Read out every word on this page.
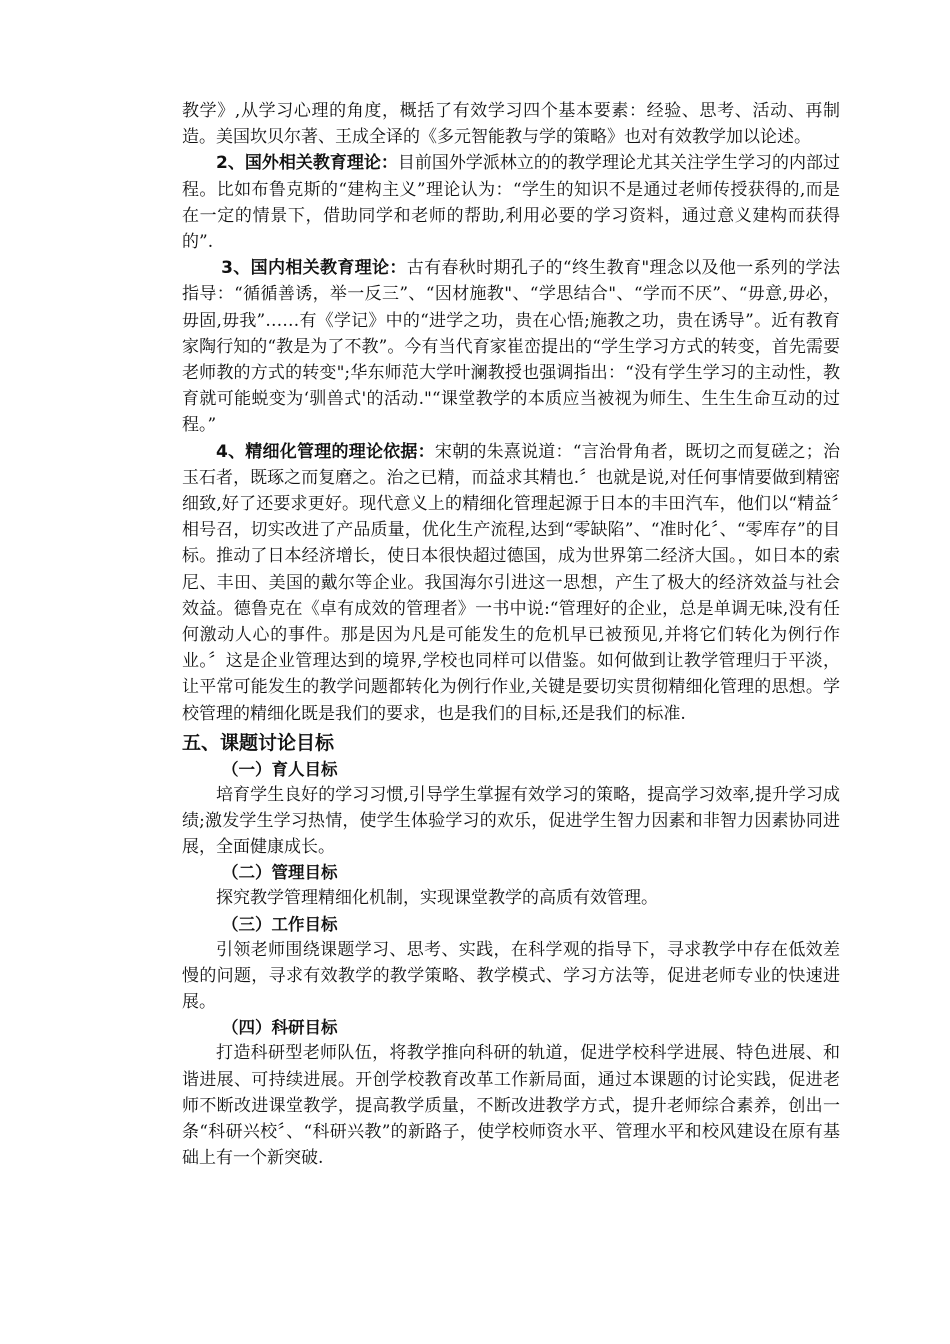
教学》,从学习心理的角度，概括了有效学习四个基本要素：经验、思考、活动、再制造。美国坎贝尔著、王成全译的《多元智能教与学的策略》也对有效教学加以论述。

2、国外相关教育理论：目前国外学派林立的的教学理论尤其关注学生学习的内部过程。比如布鲁克斯的“建构主义”理论认为：“学生的知识不是通过老师传授获得的,而是在一定的情景下，借助同学和老师的帮助,利用必要的学习资料，通过意义建构而获得的”.

3、国内相关教育理论：古有春秋时期孔子的“终生教育"理念以及他一系列的学法指导：“循循善诱，举一反三”、“因材施教"、“学思结合"、“学而不厌”、“毋意,毋必，毋固,毋我”……有《学记》中的“进学之功，贵在心悟;施教之功，贵在诱导”。近有教育家陶行知的“教是为了不教”。今有当代育家崔峦提出的“学生学习方式的转变，首先需要老师教的方式的转变";华东师范大学叶澜教授也强调指出：“没有学生学习的主动性，教育就可能蜕变为‘驯兽式'的活动."“课堂教学的本质应当被视为师生、生生生命互动的过程。”

4、精细化管理的理论依据：宋朝的朱熹说道：“言治骨角者，既切之而复磋之；治玉石者，既琢之而复磨之。治之已精，而益求其精也.〞也就是说,对任何事情要做到精密细致,好了还要求更好。现代意义上的精细化管理起源于日本的丰田汽车，他们以“精益〞相号召，切实改进了产品质量，优化生产流程,达到“零缺陷”、“准时化〞、“零库存”的目标。推动了日本经济增长，使日本很快超过德国，成为世界第二经济大国。，如日本的索尼、丰田、美国的戴尔等企业。我国海尔引进这一思想，产生了极大的经济效益与社会效益。德鲁克在《卓有成效的管理者》一书中说:“管理好的企业，总是单调无味,没有任何激动人心的事件。那是因为凡是可能发生的危机早已被预见,并将它们转化为例行作业。〞这是企业管理达到的境界,学校也同样可以借鉴。如何做到让教学管理归于平淡，让平常可能发生的教学问题都转化为例行作业,关键是要切实贯彻精细化管理的思想。学校管理的精细化既是我们的要求，也是我们的目标,还是我们的标准.

五、课题讨论目标
（一）育人目标

培育学生良好的学习习惯,引导学生掌握有效学习的策略，提高学习效率,提升学习成绩;激发学生学习热情，使学生体验学习的欢乐，促进学生智力因素和非智力因素协同进展，全面健康成长。

（二）管理目标

探究教学管理精细化机制，实现课堂教学的高质有效管理。

（三）工作目标

引领老师围绕课题学习、思考、实践，在科学观的指导下，寻求教学中存在低效差慢的问题，寻求有效教学的教学策略、教学模式、学习方法等，促进老师专业的快速进展。

（四）科研目标

打造科研型老师队伍，将教学推向科研的轨道，促进学校科学进展、特色进展、和谐进展、可持续进展。开创学校教育改革工作新局面，通过本课题的讨论实践，促进老师不断改进课堂教学，提高教学质量，不断改进教学方式，提升老师综合素养，创出一条“科研兴校〞、“科研兴教”的新路子，使学校师资水平、管理水平和校风建设在原有基础上有一个新突破.
